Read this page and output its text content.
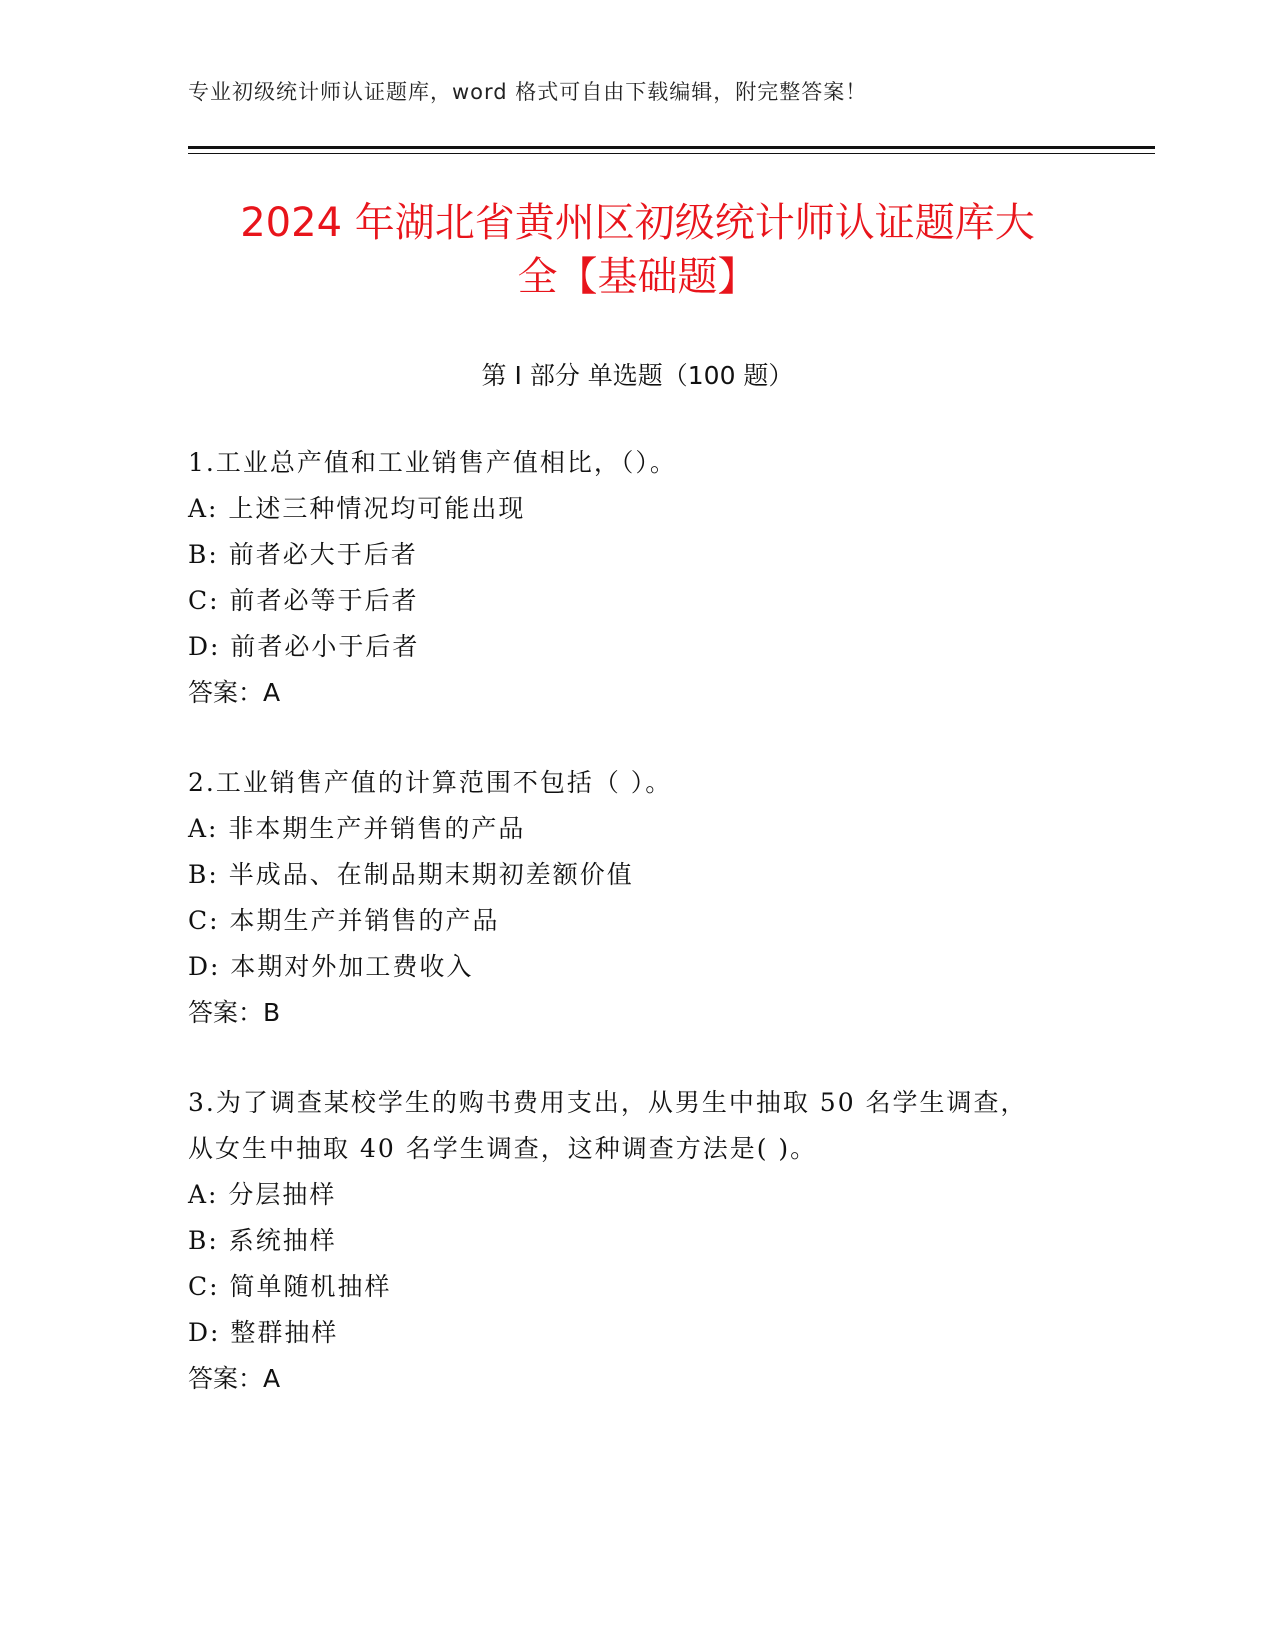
专业初级统计师认证题库，word 格式可自由下载编辑，附完整答案！
2024 年湖北省黄州区初级统计师认证题库大
全【基础题】
第 I 部分 单选题（100 题）
1.工业总产值和工业销售产值相比，（）。
A: 上述三种情况均可能出现
B: 前者必大于后者
C: 前者必等于后者
D: 前者必小于后者
答案：A
2.工业销售产值的计算范围不包括（ ）。
A: 非本期生产并销售的产品
B: 半成品、在制品期末期初差额价值
C: 本期生产并销售的产品
D: 本期对外加工费收入
答案：B
3.为了调查某校学生的购书费用支出，从男生中抽取 50 名学生调查，
从女生中抽取 40 名学生调查，这种调查方法是( )。
A: 分层抽样
B: 系统抽样
C: 简单随机抽样
D: 整群抽样
答案：A
